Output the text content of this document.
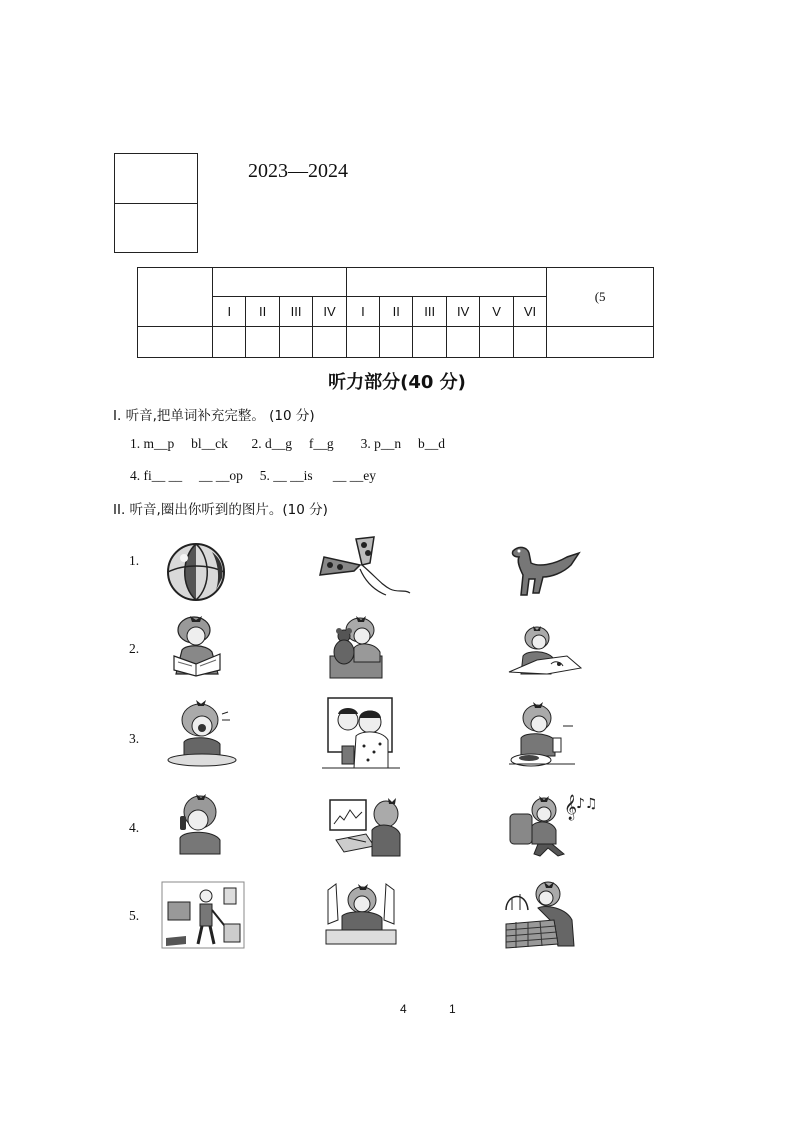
2023—2024
											(5
	I	II	III	IV	I	II	III	IV	V	VI	

听力部分(40 分)
I. 听音,把单词补充完整。 (10 分)
1. m__p     bl__ck       2. d__g     f__g        3. p__n     b__d
4. fi__ __     __ __op     5. __ __is      __ __ey
II. 听音,圈出你听到的图片。(10 分)
1.
2.
3.
4.
5.
𝄞
♪♫
4	1
